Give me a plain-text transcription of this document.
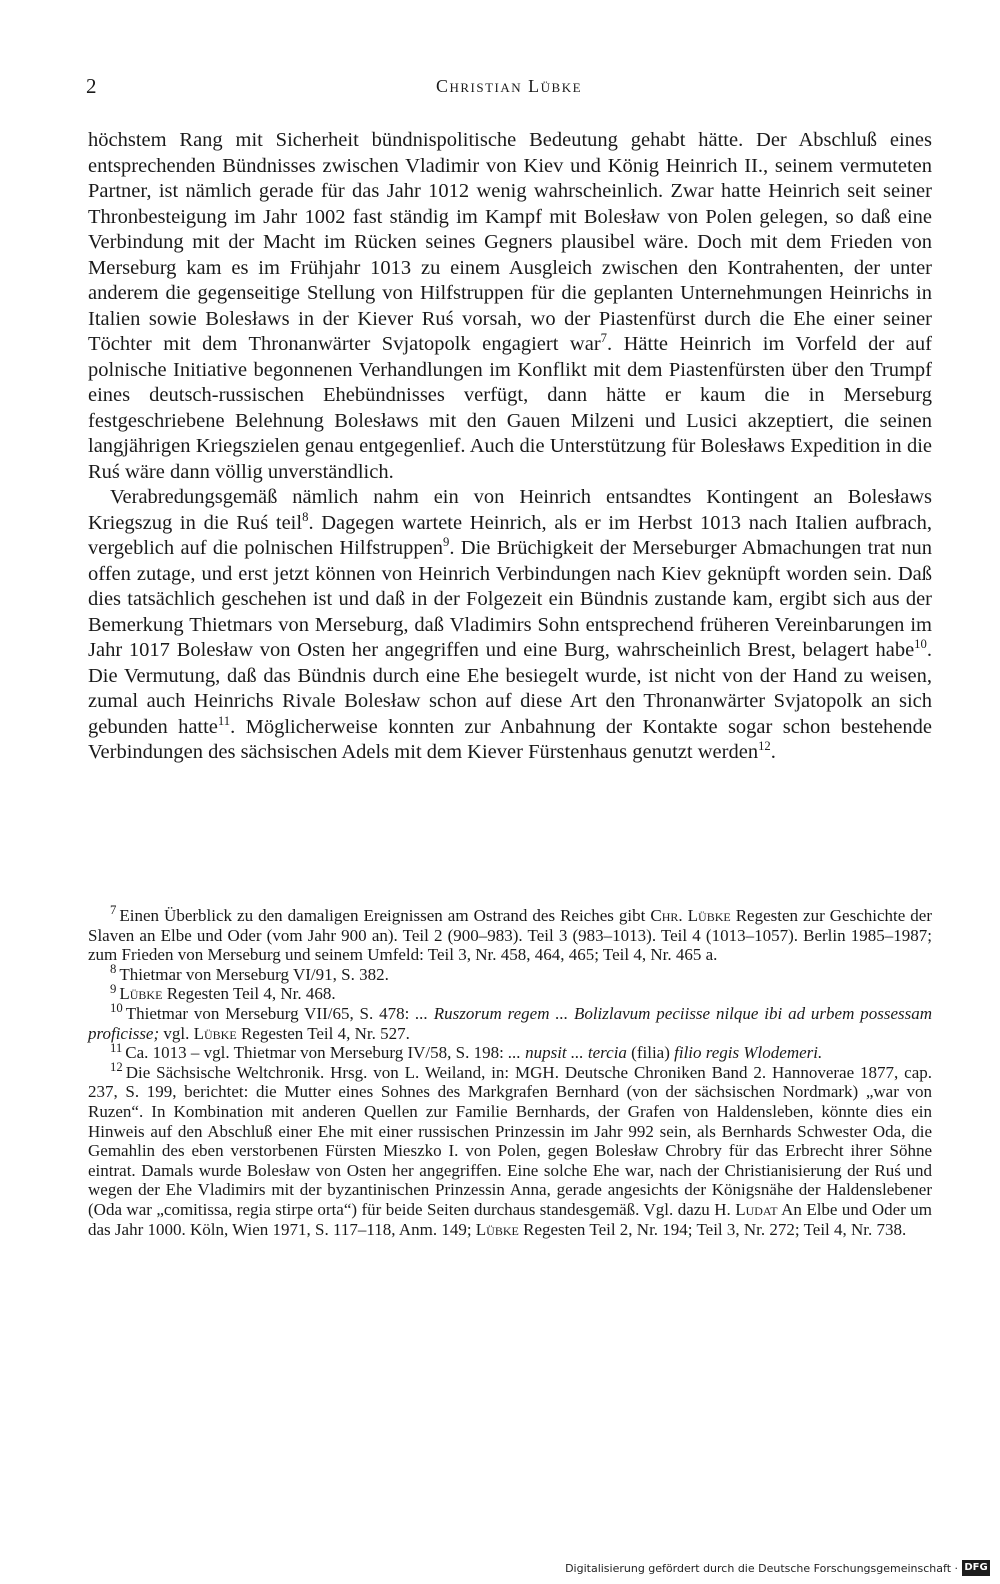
2	Christian Lübke

höchstem Rang mit Sicherheit bündnispolitische Bedeutung gehabt hätte. Der Abschluß eines entsprechenden Bündnisses zwischen Vladimir von Kiev und König Heinrich II., seinem vermuteten Partner, ist nämlich gerade für das Jahr 1012 wenig wahrscheinlich. Zwar hatte Heinrich seit seiner Thronbesteigung im Jahr 1002 fast ständig im Kampf mit Bolesław von Polen gelegen, so daß eine Verbindung mit der Macht im Rücken seines Gegners plausibel wäre. Doch mit dem Frieden von Merseburg kam es im Frühjahr 1013 zu einem Ausgleich zwischen den Kontrahenten, der unter anderem die gegenseitige Stellung von Hilfstruppen für die geplanten Unternehmungen Heinrichs in Italien sowie Bolesławs in der Kiever Ruś vorsah, wo der Piastenfürst durch die Ehe einer seiner Töchter mit dem Thronanwärter Svjatopolk engagiert war$^7$. Hätte Heinrich im Vorfeld der auf polnische Initiative begonnenen Verhandlungen im Konflikt mit dem Piastenfürsten über den Trumpf eines deutsch-russischen Ehebündnisses verfügt, dann hätte er kaum die in Merseburg festgeschriebene Belehnung Bolesławs mit den Gauen Milzeni und Lusici akzeptiert, die seinen langjährigen Kriegszielen genau entgegenlief. Auch die Unterstützung für Bolesławs Expedition in die Ruś wäre dann völlig unverständlich.

Verabredungsgemäß nämlich nahm ein von Heinrich entsandtes Kontingent an Bolesławs Kriegszug in die Ruś teil$^8$. Dagegen wartete Heinrich, als er im Herbst 1013 nach Italien aufbrach, vergeblich auf die polnischen Hilfstruppen$^9$. Die Brüchigkeit der Merseburger Abmachungen trat nun offen zutage, und erst jetzt können von Heinrich Verbindungen nach Kiev geknüpft worden sein. Daß dies tatsächlich geschehen ist und daß in der Folgezeit ein Bündnis zustande kam, ergibt sich aus der Bemerkung Thietmars von Merseburg, daß Vladimirs Sohn entsprechend früheren Vereinbarungen im Jahr 1017 Bolesław von Osten her angegriffen und eine Burg, wahrscheinlich Brest, belagert habe$^{10}$. Die Vermutung, daß das Bündnis durch eine Ehe besiegelt wurde, ist nicht von der Hand zu weisen, zumal auch Heinrichs Rivale Bolesław schon auf diese Art den Thronanwärter Svjatopolk an sich gebunden hatte$^{11}$. Möglicherweise konnten zur Anbahnung der Kontakte sogar schon bestehende Verbindungen des sächsischen Adels mit dem Kiever Fürstenhaus genutzt werden$^{12}$.

$^7$ Einen Überblick zu den damaligen Ereignissen am Ostrand des Reiches gibt Chr. Lübke Regesten zur Geschichte der Slaven an Elbe und Oder (vom Jahr 900 an). Teil 2 (900–983). Teil 3 (983–1013). Teil 4 (1013–1057). Berlin 1985–1987; zum Frieden von Merseburg und seinem Umfeld: Teil 3, Nr. 458, 464, 465; Teil 4, Nr. 465 a.

$^8$ Thietmar von Merseburg VI/91, S. 382.

$^9$ Lübke Regesten Teil 4, Nr. 468.

$^{10}$ Thietmar von Merseburg VII/65, S. 478: ... Ruszorum regem ... Bolizlavum peciisse nilque ibi ad urbem possessam proficisse; vgl. Lübke Regesten Teil 4, Nr. 527.

$^{11}$ Ca. 1013 – vgl. Thietmar von Merseburg IV/58, S. 198: ... nupsit ... tercia (filia) filio regis Wlodemeri.

$^{12}$ Die Sächsische Weltchronik. Hrsg. von L. Weiland, in: MGH. Deutsche Chroniken Band 2. Hannoverae 1877, cap. 237, S. 199, berichtet: die Mutter eines Sohnes des Markgrafen Bernhard (von der sächsischen Nordmark) „war von Ruzen“. In Kombination mit anderen Quellen zur Familie Bernhards, der Grafen von Haldensleben, könnte dies ein Hinweis auf den Abschluß einer Ehe mit einer russischen Prinzessin im Jahr 992 sein, als Bernhards Schwester Oda, die Gemahlin des eben verstorbenen Fürsten Mieszko I. von Polen, gegen Bolesław Chrobry für das Erbrecht ihrer Söhne eintrat. Damals wurde Bolesław von Osten her angegriffen. Eine solche Ehe war, nach der Christianisierung der Ruś und wegen der Ehe Vladimirs mit der byzantinischen Prinzessin Anna, gerade angesichts der Königsnähe der Haldenslebener (Oda war „comitissa, regia stirpe orta“) für beide Seiten durchaus standesgemäß. Vgl. dazu H. Ludat An Elbe und Oder um das Jahr 1000. Köln, Wien 1971, S. 117–118, Anm. 149; Lübke Regesten Teil 2, Nr. 194; Teil 3, Nr. 272; Teil 4, Nr. 738.

Digitalisierung gefördert durch die Deutsche Forschungsgemeinschaft · DFG
